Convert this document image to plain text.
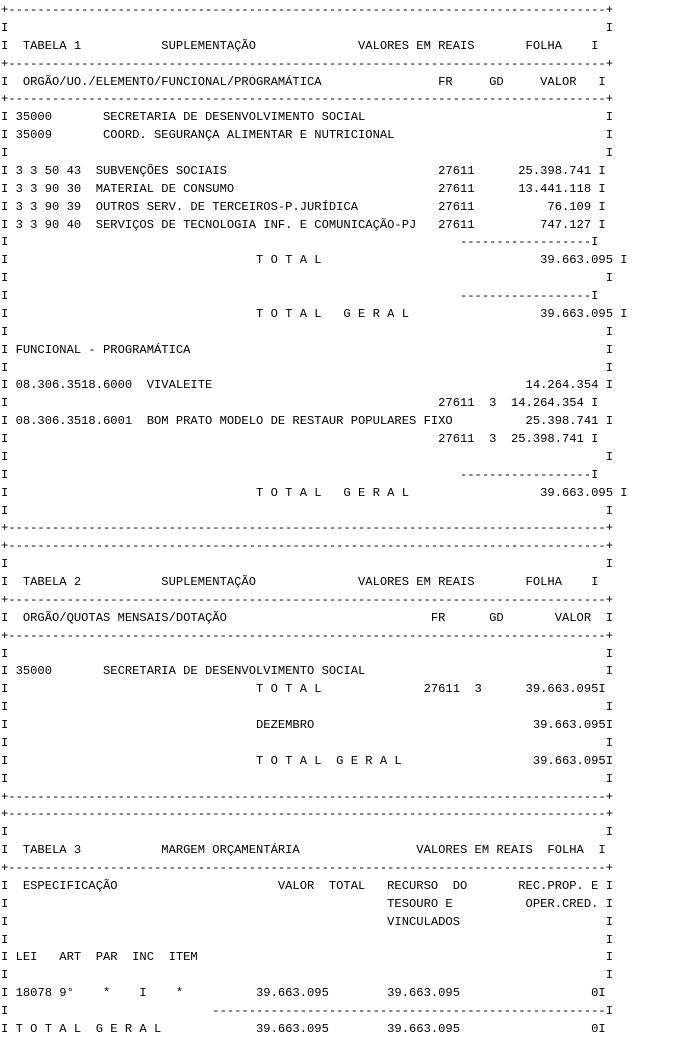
+----------------------------------------------------------------------------------+
I                                                                                  I
I  TABELA 1           SUPLEMENTAÇÃO              VALORES EM REAIS       FOLHA    I
+----------------------------------------------------------------------------------+
I  ORGÃO/UO./ELEMENTO/FUNCIONAL/PROGRAMÁTICA                FR     GD     VALOR   I
+----------------------------------------------------------------------------------+
I 35000       SECRETARIA DE DESENVOLVIMENTO SOCIAL                                 I
I 35009       COORD. SEGURANÇA ALIMENTAR E NUTRICIONAL                             I
I                                                                                  I
I 3 3 50 43  SUBVENÇÕES SOCIAIS                             27611      25.398.741 I
I 3 3 90 30  MATERIAL DE CONSUMO                            27611      13.441.118 I
I 3 3 90 39  OUTROS SERV. DE TERCEIROS-P.JURÍDICA           27611          76.109 I
I 3 3 90 40  SERVIÇOS DE TECNOLOGIA INF. E COMUNICAÇÃO-PJ   27611         747.127 I
I                                                              ------------------I
I                                  T O T A L                              39.663.095 I
I                                                                                  I
I                                                              ------------------I
I                                  T O T A L   G E R A L                  39.663.095 I
I                                                                                  I
I FUNCIONAL - PROGRAMÁTICA                                                         I
I                                                                                  I
I 08.306.3518.6000  VIVALEITE                                           14.264.354 I
I                                                           27611  3  14.264.354 I
I 08.306.3518.6001  BOM PRATO MODELO DE RESTAUR POPULARES FIXO          25.398.741 I
I                                                           27611  3  25.398.741 I
I                                                                                  I
I                                                              ------------------I
I                                  T O T A L   G E R A L                  39.663.095 I
I                                                                                  I
+----------------------------------------------------------------------------------+
+----------------------------------------------------------------------------------+
I                                                                                  I
I  TABELA 2           SUPLEMENTAÇÃO              VALORES EM REAIS       FOLHA    I
+----------------------------------------------------------------------------------+
I  ORGÃO/QUOTAS MENSAIS/DOTAÇÃO                            FR      GD       VALOR  I
+----------------------------------------------------------------------------------+
I                                                                                  I
I 35000       SECRETARIA DE DESENVOLVIMENTO SOCIAL                                 I
I                                  T O T A L              27611  3      39.663.095I
I                                                                                  I
I                                  DEZEMBRO                              39.663.095I
I                                                                                  I
I                                  T O T A L  G E R A L                  39.663.095I
I                                                                                  I
+----------------------------------------------------------------------------------+
+----------------------------------------------------------------------------------+
I                                                                                  I
I  TABELA 3           MARGEM ORÇAMENTÁRIA                VALORES EM REAIS  FOLHA  I
+----------------------------------------------------------------------------------+
I  ESPECIFICAÇÃO                      VALOR  TOTAL   RECURSO  DO       REC.PROP. E I
I                                                    TESOURO E          OPER.CRED. I
I                                                    VINCULADOS                    I
I                                                                                  I
I LEI   ART  PAR  INC  ITEM                                                        I
I                                                                                  I
I 18078 9°    *    I    *          39.663.095        39.663.095                  0I
I                            ------------------------------------------------------I
I T O T A L  G E R A L             39.663.095        39.663.095                  0I
